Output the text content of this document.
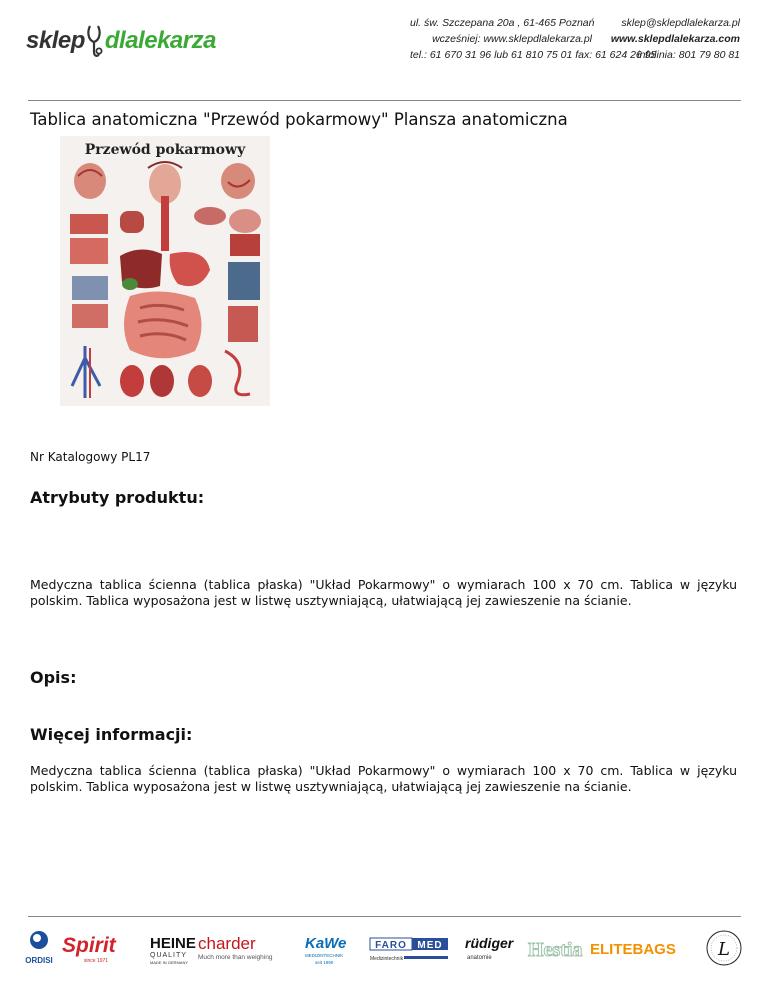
sklep dlalekarza
ul. św. Szczepana 20a , 61-465 Poznań
wcześniej: www.sklepdlalekarza.pl
tel.: 61 670 31 96 lub 61 810 75 01 fax: 61 624 26 95
sklep@sklepdlalekarza.pl
www.sklepdlalekarza.com
infolinia: 801 79 80 81
Tablica anatomiczna "Przewód pokarmowy" Plansza anatomiczna
Przewód pokarmowy
Nr Katalogowy PL17
Atrybuty produktu:
Medyczna tablica ścienna (tablica płaska) "Układ Pokarmowy" o wymiarach 100 x 70 cm. Tablica w języku polskim. Tablica wyposażona jest w listwę usztywniającą, ułatwiającą jej zawieszenie na ścianie.
Opis:
Więcej informacji:
Medyczna tablica ścienna (tablica płaska) "Układ Pokarmowy" o wymiarach 100 x 70 cm. Tablica w języku polskim. Tablica wyposażona jest w listwę usztywniającą, ułatwiającą jej zawieszenie na ścianie.
ORDISI
Spirit
since 1971
HEINE
QUALITY
MADE IN GERMANY
charder
Much more than weighing
KaWe
MEDIZINTECHNIK
seit 1890
FARO MED
Medizintechnik
rüdiger
anatomie Hestia ELITEBAGS L
